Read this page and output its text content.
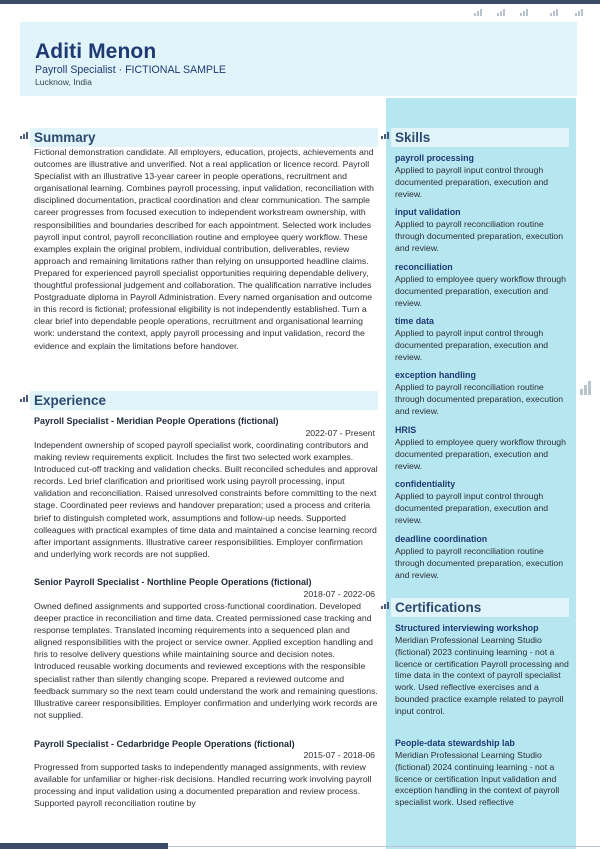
Aditi Menon
Payroll Specialist · FICTIONAL SAMPLE
Lucknow, India
Summary
Fictional demonstration candidate. All employers, education, projects, achievements and outcomes are illustrative and unverified. Not a real application or licence record. Payroll Specialist with an illustrative 13-year career in people operations, recruitment and organisational learning. Combines payroll processing, input validation, reconciliation with disciplined documentation, practical coordination and clear communication. The sample career progresses from focused execution to independent workstream ownership, with responsibilities and boundaries described for each appointment. Selected work includes payroll input control, payroll reconciliation routine and employee query workflow. These examples explain the original problem, individual contribution, deliverables, review approach and remaining limitations rather than relying on unsupported headline claims. Prepared for experienced payroll specialist opportunities requiring dependable delivery, thoughtful professional judgement and collaboration. The qualification narrative includes Postgraduate diploma in Payroll Administration. Every named organisation and outcome in this record is fictional; professional eligibility is not independently established. Turn a clear brief into dependable people operations, recruitment and organisational learning work: understand the context, apply payroll processing and input validation, record the evidence and explain the limitations before handover.
Experience
Payroll Specialist - Meridian People Operations (fictional)
2022-07 - Present
Independent ownership of scoped payroll specialist work, coordinating contributors and making review requirements explicit. Includes the first two selected work examples. Introduced cut-off tracking and validation checks. Built reconciled schedules and approval records. Led brief clarification and prioritised work using payroll processing, input validation and reconciliation. Raised unresolved constraints before committing to the next stage. Coordinated peer reviews and handover preparation; used a process and criteria brief to distinguish completed work, assumptions and follow-up needs. Supported colleagues with practical examples of time data and maintained a concise learning record after important assignments. Illustrative career responsibilities. Employer confirmation and underlying work records are not supplied.
Senior Payroll Specialist - Northline People Operations (fictional)
2018-07 - 2022-06
Owned defined assignments and supported cross-functional coordination. Developed deeper practice in reconciliation and time data. Created permissioned case tracking and response templates. Translated incoming requirements into a sequenced plan and aligned responsibilities with the project or service owner. Applied exception handling and hris to resolve delivery questions while maintaining source and decision notes. Introduced reusable working documents and reviewed exceptions with the responsible specialist rather than silently changing scope. Prepared a reviewed outcome and feedback summary so the next team could understand the work and remaining questions. Illustrative career responsibilities. Employer confirmation and underlying work records are not supplied.
Payroll Specialist - Cedarbridge People Operations (fictional)
2015-07 - 2018-06
Progressed from supported tasks to independently managed assignments, with review available for unfamiliar or higher-risk decisions. Handled recurring work involving payroll processing and input validation using a documented preparation and review process. Supported payroll reconciliation routine by
Skills
payroll processing
Applied to payroll input control through documented preparation, execution and review.
input validation
Applied to payroll reconciliation routine through documented preparation, execution and review.
reconciliation
Applied to employee query workflow through documented preparation, execution and review.
time data
Applied to payroll input control through documented preparation, execution and review.
exception handling
Applied to payroll reconciliation routine through documented preparation, execution and review.
HRIS
Applied to employee query workflow through documented preparation, execution and review.
confidentiality
Applied to payroll input control through documented preparation, execution and review.
deadline coordination
Applied to payroll reconciliation routine through documented preparation, execution and review.
Certifications
Structured interviewing workshop
Meridian Professional Learning Studio (fictional) 2023 continuing learning - not a licence or certification Payroll processing and time data in the context of payroll specialist work. Used reflective exercises and a bounded practice example related to payroll input control.
People-data stewardship lab
Meridian Professional Learning Studio (fictional) 2024 continuing learning - not a licence or certification Input validation and exception handling in the context of payroll specialist work. Used reflective
